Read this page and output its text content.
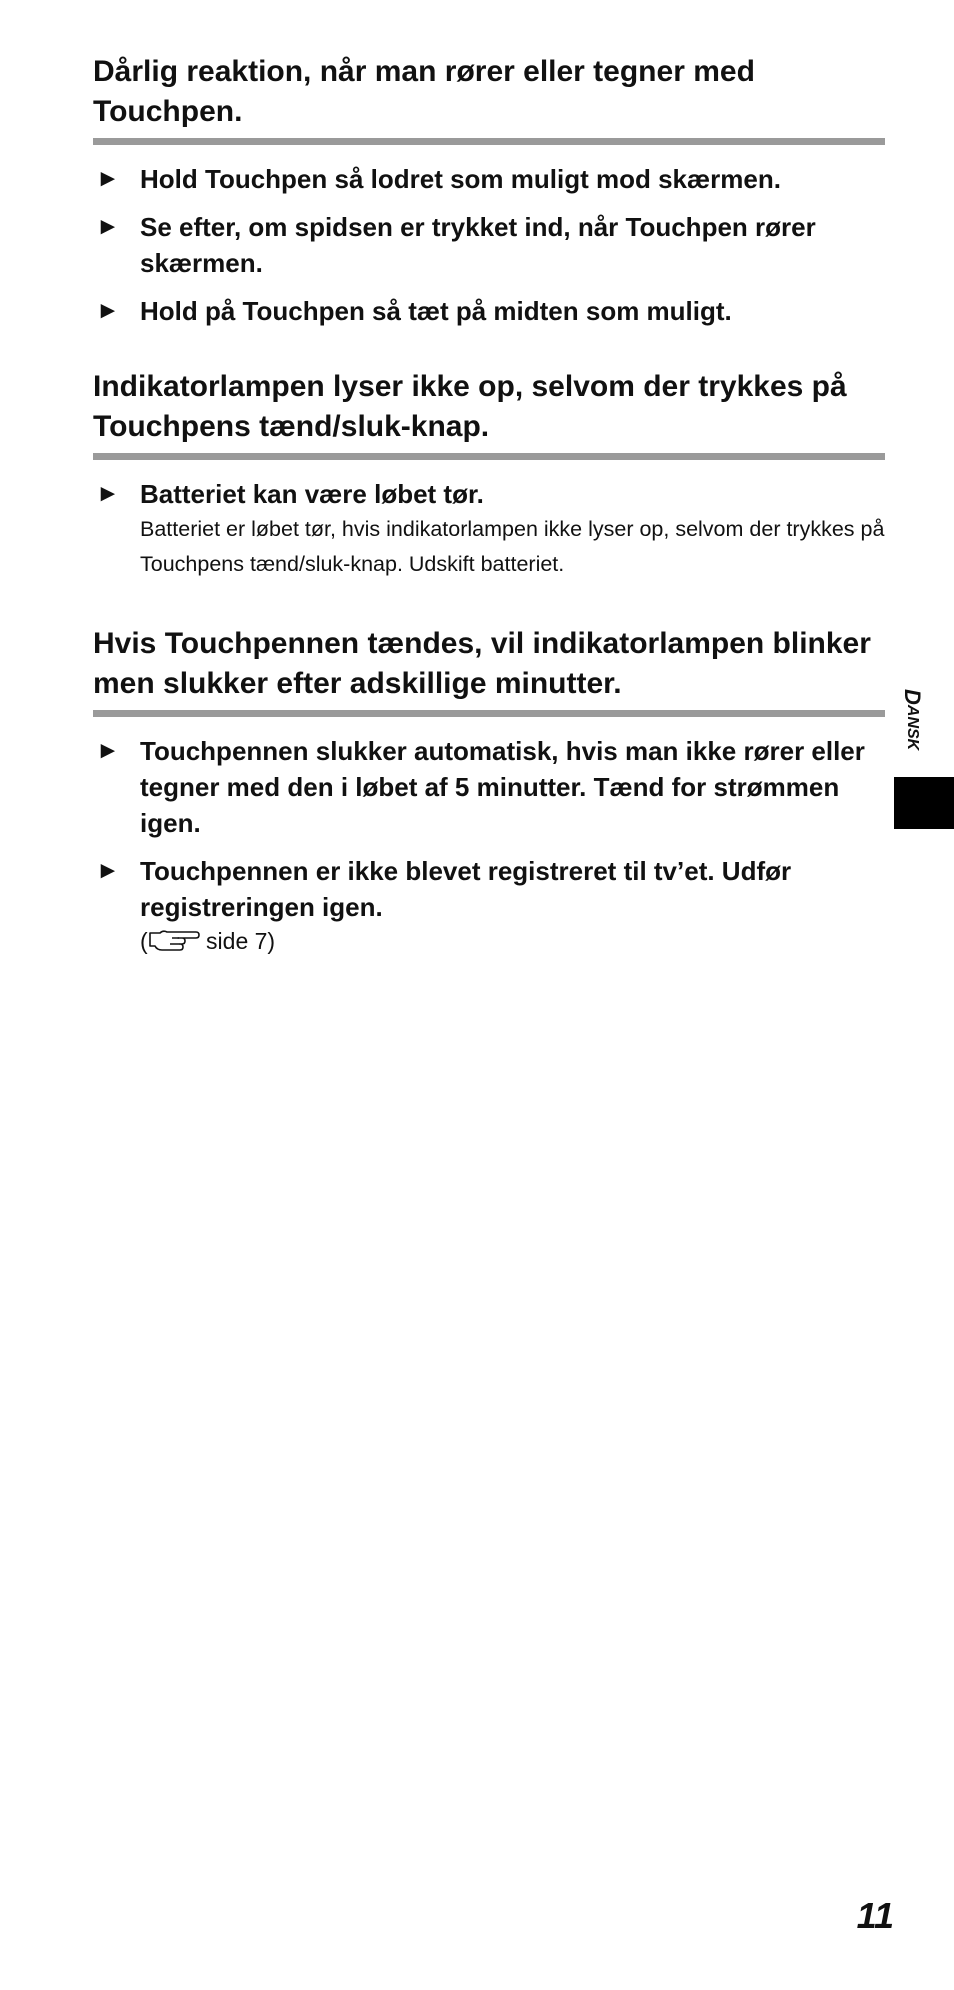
Dårlig reaktion, når man rører eller tegner med Touchpen.
► Hold Touchpen så lodret som muligt mod skærmen.
► Se efter, om spidsen er trykket ind, når Touchpen rører skærmen.
► Hold på Touchpen så tæt på midten som muligt.
Indikatorlampen lyser ikke op, selvom der trykkes på Touchpens tænd/sluk-knap.
► Batteriet kan være løbet tør.
Batteriet er løbet tør, hvis indikatorlampen ikke lyser op, selvom der trykkes på Touchpens tænd/sluk-knap. Udskift batteriet.
Hvis Touchpennen tændes, vil indikatorlampen blinker men slukker efter adskillige minutter.
► Touchpennen slukker automatisk, hvis man ikke rører eller tegner med den i løbet af 5 minutter. Tænd for strømmen igen.
► Touchpennen er ikke blevet registreret til tv’et. Udfør registreringen igen.
( side 7)
DANSK
11
